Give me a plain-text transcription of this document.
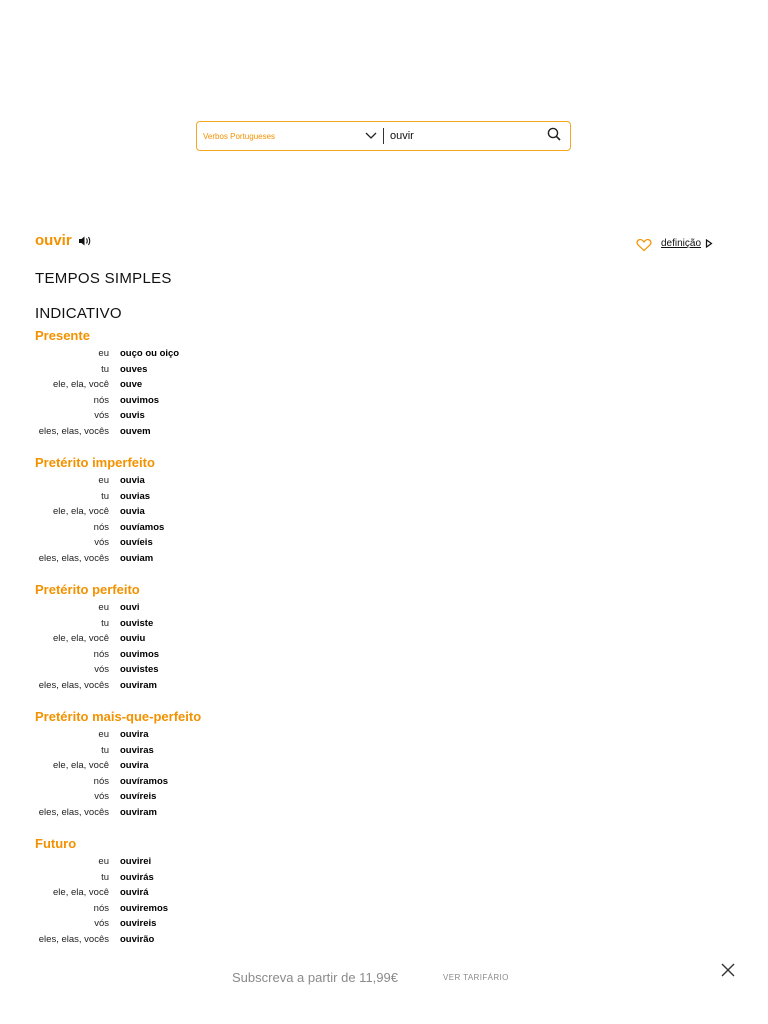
Verbos Portugueses
ouvir
ouvir	definição
TEMPOS SIMPLES
INDICATIVO
Presente
eu ouço ou oiço
tu ouves
ele, ela, você ouve
nós ouvimos
vós ouvis
eles, elas, vocês ouvem
Pretérito imperfeito
eu ouvia
tu ouvias
ele, ela, você ouvia
nós ouvíamos
vós ouvíeis
eles, elas, vocês ouviam
Pretérito perfeito
eu ouvi
tu ouviste
ele, ela, você ouviu
nós ouvimos
vós ouvistes
eles, elas, vocês ouviram
Pretérito mais-que-perfeito
eu ouvira
tu ouviras
ele, ela, você ouvira
nós ouvíramos
vós ouvíreis
eles, elas, vocês ouviram
Futuro
eu ouvirei
tu ouvirás
ele, ela, você ouvirá
nós ouviremos
vós ouvireis
eles, elas, vocês ouvirão
Subscreva a partir de 11,99€	VER TARIFÁRIO
